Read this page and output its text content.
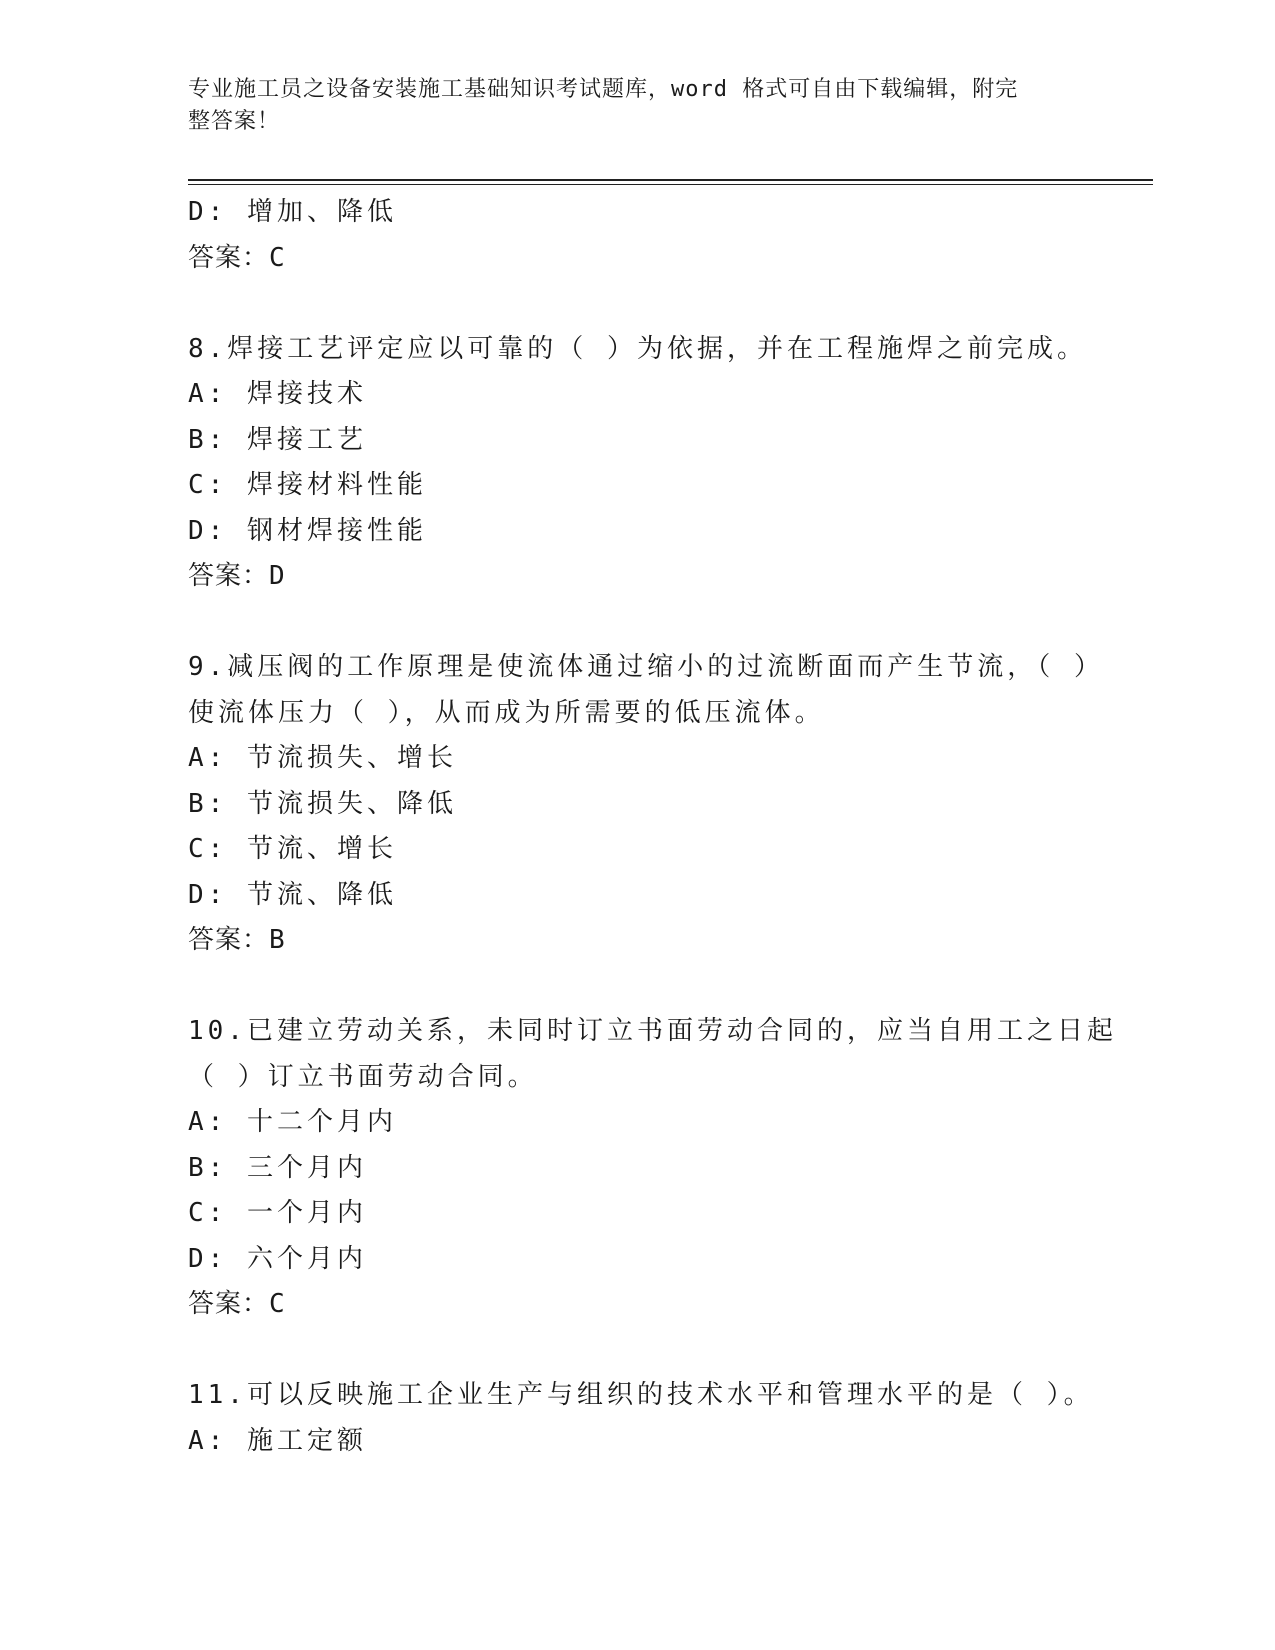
专业施工员之设备安装施工基础知识考试题库，word 格式可自由下载编辑，附完
整答案！
D: 增加、降低
答案：C
8.焊接工艺评定应以可靠的（ ）为依据，并在工程施焊之前完成。
A: 焊接技术
B: 焊接工艺
C: 焊接材料性能
D: 钢材焊接性能
答案：D
9.减压阀的工作原理是使流体通过缩小的过流断面而产生节流，（ ）
使流体压力（ ），从而成为所需要的低压流体。
A: 节流损失、增长
B: 节流损失、降低
C: 节流、增长
D: 节流、降低
答案：B
10.已建立劳动关系，未同时订立书面劳动合同的，应当自用工之日起
（ ）订立书面劳动合同。
A: 十二个月内
B: 三个月内
C: 一个月内
D: 六个月内
答案：C
11.可以反映施工企业生产与组织的技术水平和管理水平的是（ ）。
A: 施工定额
